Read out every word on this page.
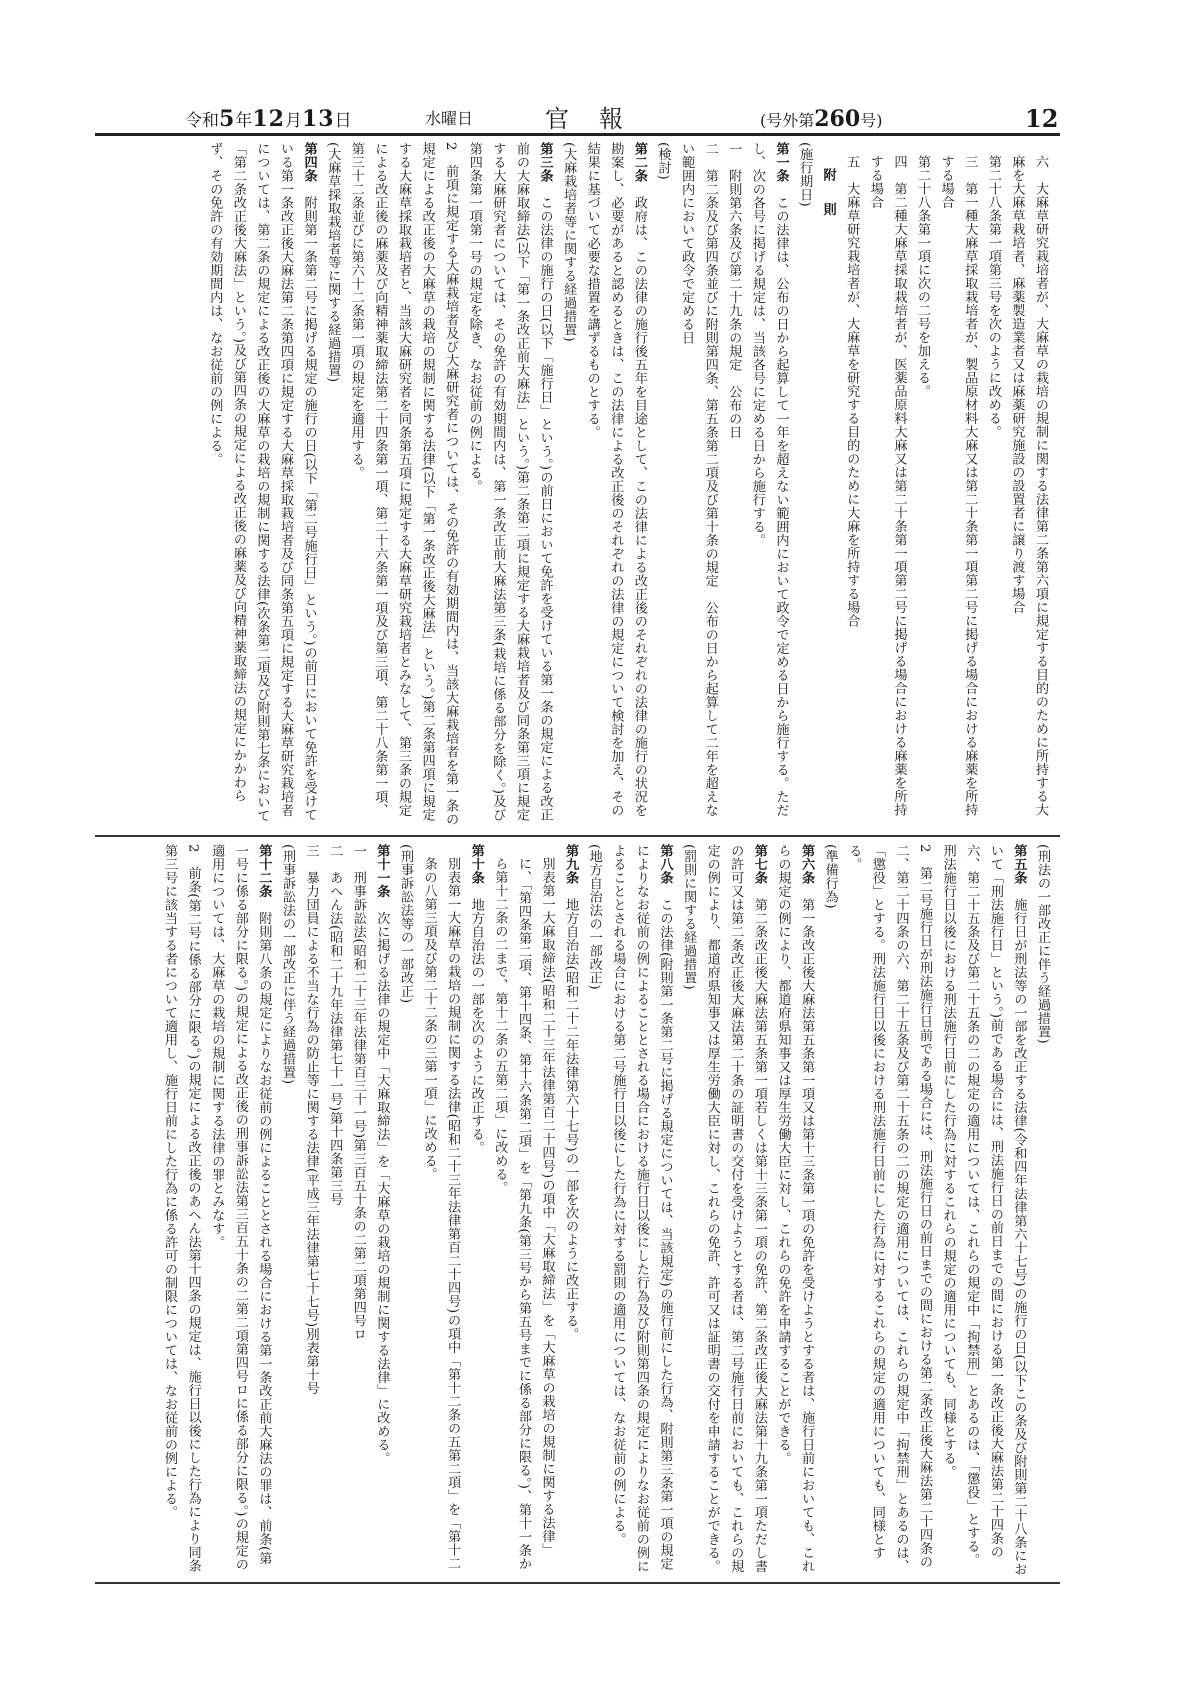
令和5年12月13日	水曜日	官報	(号外第260号)	12

六　大麻草研究栽培者が、大麻草の栽培の規制に関する法律第二条第六項に規定する目的のために所持する大麻を大麻草栽培者、麻薬製造業者又は麻薬研究施設の設置者に譲り渡す場合

第二十八条第一項第三号を次のように改める。

三　第一種大麻草採取栽培者が、製品原材料大麻又は第二十条第一項第二号に掲げる場合における麻薬を所持する場合

第二十八条第一項に次の二号を加える。

四　第二種大麻草採取栽培者が、医薬品原料大麻又は第二十条第一項第二号に掲げる場合における麻薬を所持する場合

五　大麻草研究栽培者が、大麻草を研究する目的のために大麻を所持する場合

附　則

(施行期日)

第一条　この法律は、公布の日から起算して一年を超えない範囲内において政令で定める日から施行する。ただし、次の各号に掲げる規定は、当該各号に定める日から施行する。

一　附則第六条及び第二十九条の規定　公布の日

二　第二条及び第四条並びに附則第四条、第五条第二項及び第十条の規定　公布の日から起算して二年を超えない範囲内において政令で定める日

(検討)

第二条　政府は、この法律の施行後五年を目途として、この法律による改正後のそれぞれの法律の施行の状況を勘案し、必要があると認めるときは、この法律による改正後のそれぞれの法律の規定について検討を加え、その結果に基づいて必要な措置を講ずるものとする。

(大麻栽培者等に関する経過措置)

第三条　この法律の施行の日(以下「施行日」という。)の前日において免許を受けている第一条の規定による改正前の大麻取締法(以下「第一条改正前大麻法」という。)第二条第二項に規定する大麻栽培者及び同条第三項に規定する大麻研究者については、その免許の有効期間内は、第一条改正前大麻法第三条(栽培に係る部分を除く。)及び第四条第一項第一号の規定を除き、なお従前の例による。

2　前項に規定する大麻栽培者及び大麻研究者については、その免許の有効期間内は、当該大麻栽培者を第一条の規定による改正後の大麻草の栽培の規制に関する法律(以下「第一条改正後大麻法」という。)第二条第四項に規定する大麻草採取栽培者と、当該大麻研究者を同条第五項に規定する大麻草研究栽培者とみなして、第三条の規定による改正後の麻薬及び向精神薬取締法第二十四条第一項、第二十六条第一項及び第三項、第二十八条第一項、第三十二条並びに第六十二条第一項の規定を適用する。

(大麻草採取栽培者等に関する経過措置)

第四条　附則第一条第二号に掲げる規定の施行の日(以下「第二号施行日」という。)の前日において免許を受けている第一条改正後大麻法第二条第四項に規定する大麻草採取栽培者及び同条第五項に規定する大麻草研究栽培者については、第二条の規定による改正後の大麻草の栽培の規制に関する法律(次条第二項及び附則第七条において「第二条改正後大麻法」という。)及び第四条の規定による改正後の麻薬及び向精神薬取締法の規定にかかわらず、その免許の有効期間内は、なお従前の例による。

(刑法の一部改正に伴う経過措置)

第五条　施行日が刑法等の一部を改正する法律(令和四年法律第六十七号)の施行の日(以下この条及び附則第二十八条において「刑法施行日」という。)前である場合には、刑法施行日の前日までの間における第一条改正後大麻法第二十四条の六、第二十五条及び第二十五条の二の規定の適用については、これらの規定中「拘禁刑」とあるのは、「懲役」とする。刑法施行日以後における刑法施行日前にした行為に対するこれらの規定の適用についても、同様とする。

2　第二号施行日が刑法施行日前である場合には、刑法施行日の前日までの間における第二条改正後大麻法第二十四条の二、第二十四条の六、第二十五条及び第二十五条の二の規定の適用については、これらの規定中「拘禁刑」とあるのは、「懲役」とする。刑法施行日以後における刑法施行日前にした行為に対するこれらの規定の適用についても、同様とする。

(準備行為)

第六条　第一条改正後大麻法第五条第一項又は第十三条第一項の免許を受けようとする者は、施行日前においても、これらの規定の例により、都道府県知事又は厚生労働大臣に対し、これらの免許を申請することができる。

第七条　第二条改正後大麻法第五条第一項若しくは第十三条第一項の免許、第二条改正後大麻法第十九条第一項ただし書の許可又は第二条改正後大麻法第二十条の証明書の交付を受けようとする者は、第二号施行日前においても、これらの規定の例により、都道府県知事又は厚生労働大臣に対し、これらの免許、許可又は証明書の交付を申請することができる。

(罰則に関する経過措置)

第八条　この法律(附則第一条第二号に掲げる規定については、当該規定)の施行前にした行為、附則第三条第一項の規定によりなお従前の例によることとされる場合における施行日以後にした行為及び附則第四条の規定によりなお従前の例によることとされる場合における第二号施行日以後にした行為に対する罰則の適用については、なお従前の例による。

(地方自治法の一部改正)

第九条　地方自治法(昭和二十二年法律第六十七号)の一部を次のように改正する。

別表第一大麻取締法(昭和二十三年法律第百二十四号)の項中「大麻取締法」を「大麻草の栽培の規制に関する法律」に、「第四条第二項、第十四条、第十六条第二項」を「第九条(第三号から第五号までに係る部分に限る。)、第十一条から第十二条の二まで、第十二条の五第二項」に改める。

第十条　地方自治法の一部を次のように改正する。

別表第一大麻草の栽培の規制に関する法律(昭和二十三年法律第百二十四号)の項中「第十二条の五第二項」を「第十二条の八第三項及び第二十二条の三第一項」に改める。

(刑事訴訟法等の一部改正)

第十一条　次に掲げる法律の規定中「大麻取締法」を「大麻草の栽培の規制に関する法律」に改める。

一　刑事訴訟法(昭和二十三年法律第百三十一号)第三百五十条の二第二項第四号ロ

二　あへん法(昭和二十九年法律第七十一号)第十四条第三号

三　暴力団員による不当な行為の防止等に関する法律(平成三年法律第七十七号)別表第十号

(刑事訴訟法の一部改正に伴う経過措置)

第十二条　附則第八条の規定によりなお従前の例によることとされる場合における第一条改正前大麻法の罪は、前条(第一号に係る部分に限る。)の規定による改正後の刑事訴訟法第三百五十条の二第二項第四号ロに係る部分に限る。)の規定の適用については、大麻草の栽培の規制に関する法律の罪とみなす。

2　前条(第二号に係る部分に限る。)の規定による改正後のあへん法第十四条の規定は、施行日以後にした行為により同条第三号に該当する者について適用し、施行日前にした行為に係る許可の制限については、なお従前の例による。
